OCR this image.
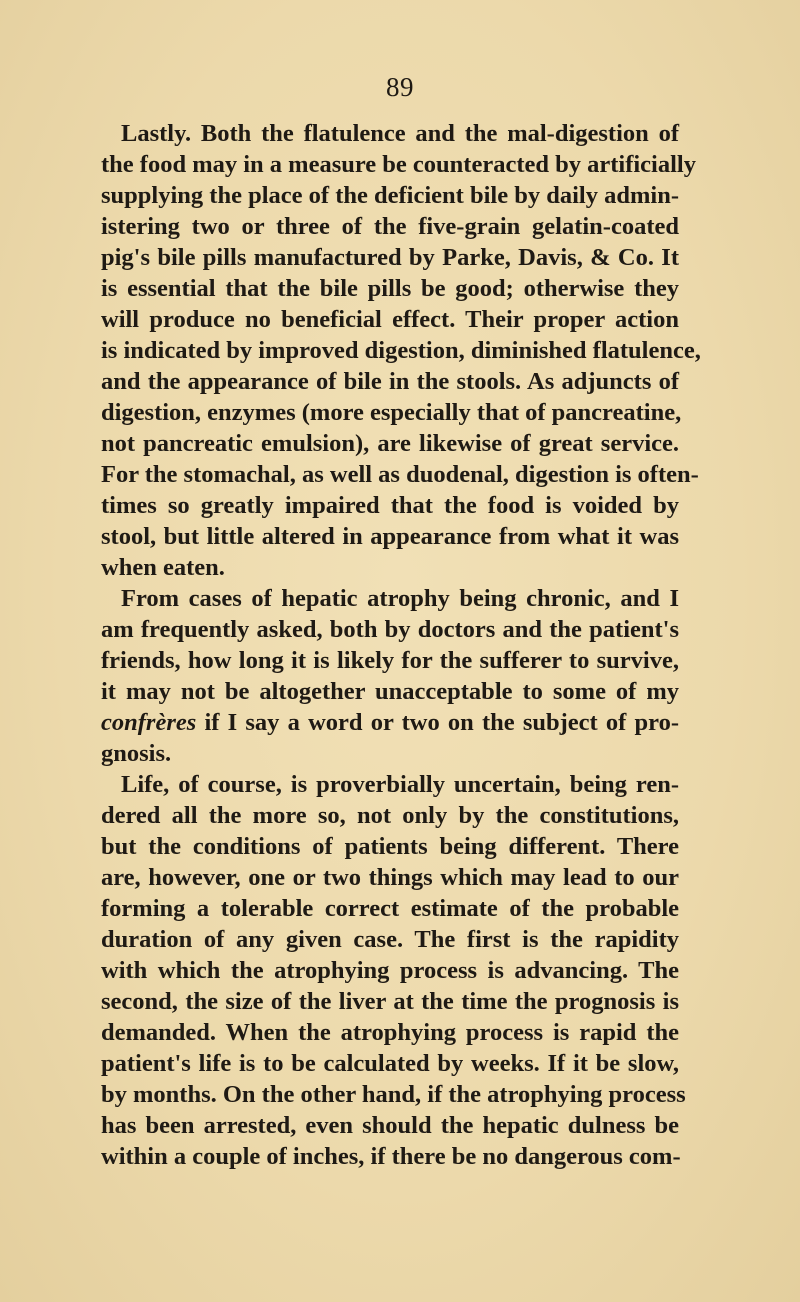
89
Lastly. Both the flatulence and the mal-digestion of
the food may in a measure be counteracted by artificially
supplying the place of the deficient bile by daily admin-
istering two or three of the five-grain gelatin-coated
pig's bile pills manufactured by Parke, Davis, & Co. It
is essential that the bile pills be good; otherwise they
will produce no beneficial effect. Their proper action
is indicated by improved digestion, diminished flatulence,
and the appearance of bile in the stools. As adjuncts of
digestion, enzymes (more especially that of pancreatine,
not pancreatic emulsion), are likewise of great service.
For the stomachal, as well as duodenal, digestion is often-
times so greatly impaired that the food is voided by
stool, but little altered in appearance from what it was
when eaten.
From cases of hepatic atrophy being chronic, and I
am frequently asked, both by doctors and the patient's
friends, how long it is likely for the sufferer to survive,
it may not be altogether unacceptable to some of my
confrères if I say a word or two on the subject of pro-
gnosis.
Life, of course, is proverbially uncertain, being ren-
dered all the more so, not only by the constitutions,
but the conditions of patients being different. There
are, however, one or two things which may lead to our
forming a tolerable correct estimate of the probable
duration of any given case. The first is the rapidity
with which the atrophying process is advancing. The
second, the size of the liver at the time the prognosis is
demanded. When the atrophying process is rapid the
patient's life is to be calculated by weeks. If it be slow,
by months. On the other hand, if the atrophying process
has been arrested, even should the hepatic dulness be
within a couple of inches, if there be no dangerous com-
